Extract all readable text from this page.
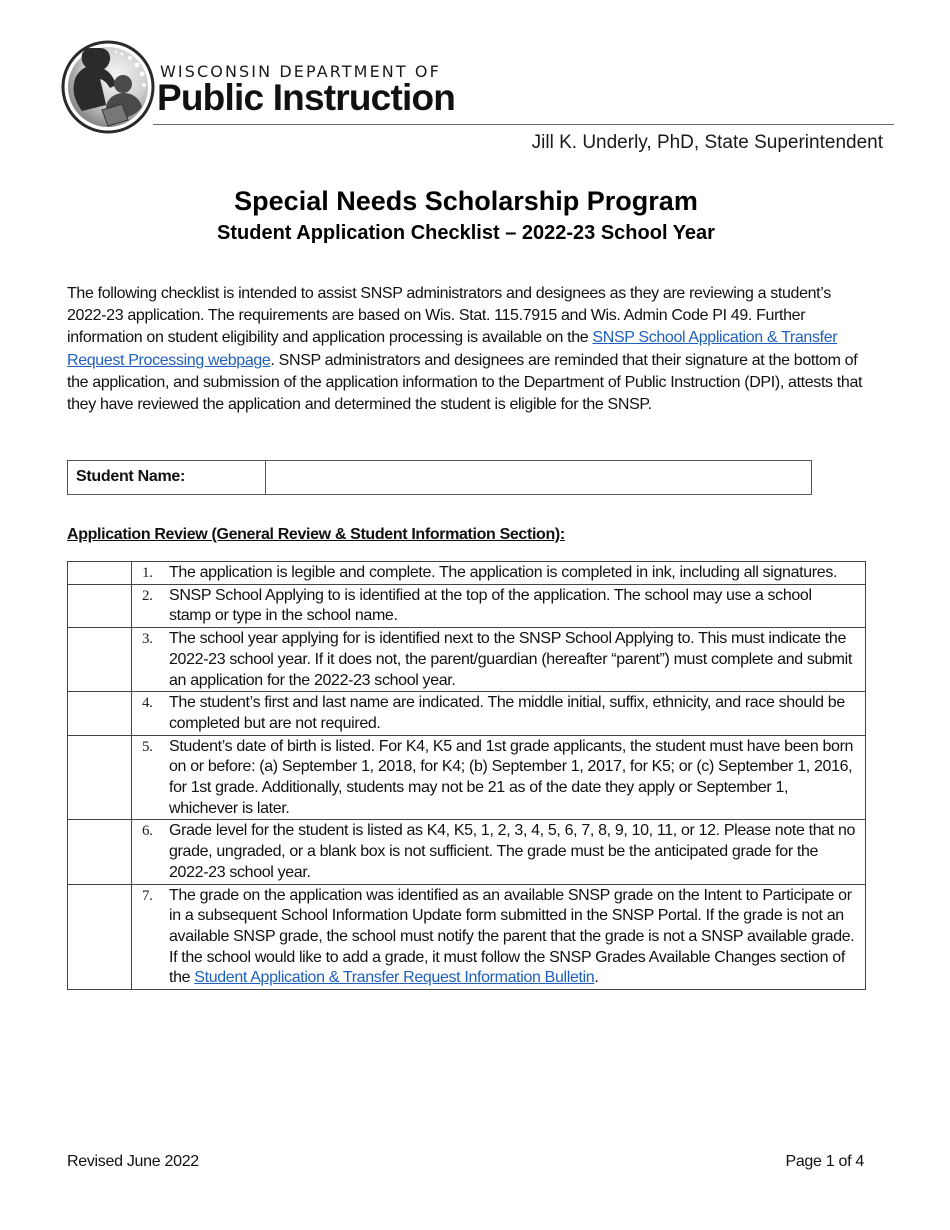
WISCONSIN DEPARTMENT OF
Public Instruction
Jill K. Underly, PhD, State Superintendent
Special Needs Scholarship Program
Student Application Checklist – 2022-23 School Year

The following checklist is intended to assist SNSP administrators and designees as they are reviewing a student’s 2022-23 application. The requirements are based on Wis. Stat. 115.7915 and Wis. Admin Code PI 49. Further information on student eligibility and application processing is available on the SNSP School Application & Transfer Request Processing webpage. SNSP administrators and designees are reminded that their signature at the bottom of the application, and submission of the application information to the Department of Public Instruction (DPI), attests that they have reviewed the application and determined the student is eligible for the SNSP.

Student Name:
Application Review (General Review & Student Information Section):

	1. The application is legible and complete. The application is completed in ink, including all signatures.

	2. SNSP School Applying to is identified at the top of the application. The school may use a school stamp or type in the school name.

	3. The school year applying for is identified next to the SNSP School Applying to. This must indicate the 2022-23 school year. If it does not, the parent/guardian (hereafter “parent”) must complete and submit an application for the 2022-23 school year.

	4. The student’s first and last name are indicated. The middle initial, suffix, ethnicity, and race should be completed but are not required.

	5. Student’s date of birth is listed. For K4, K5 and 1st grade applicants, the student must have been born on or before: (a) September 1, 2018, for K4; (b) September 1, 2017, for K5; or (c) September 1, 2016, for 1st grade. Additionally, students may not be 21 as of the date they apply or September 1, whichever is later.

	6. Grade level for the student is listed as K4, K5, 1, 2, 3, 4, 5, 6, 7, 8, 9, 10, 11, or 12. Please note that no grade, ungraded, or a blank box is not sufficient. The grade must be the anticipated grade for the 2022-23 school year.

	7. The grade on the application was identified as an available SNSP grade on the Intent to Participate or in a subsequent School Information Update form submitted in the SNSP Portal. If the grade is not an available SNSP grade, the school must notify the parent that the grade is not a SNSP available grade. If the school would like to add a grade, it must follow the SNSP Grades Available Changes section of the Student Application & Transfer Request Information Bulletin.
Revised June 2022	Page 1 of 4
